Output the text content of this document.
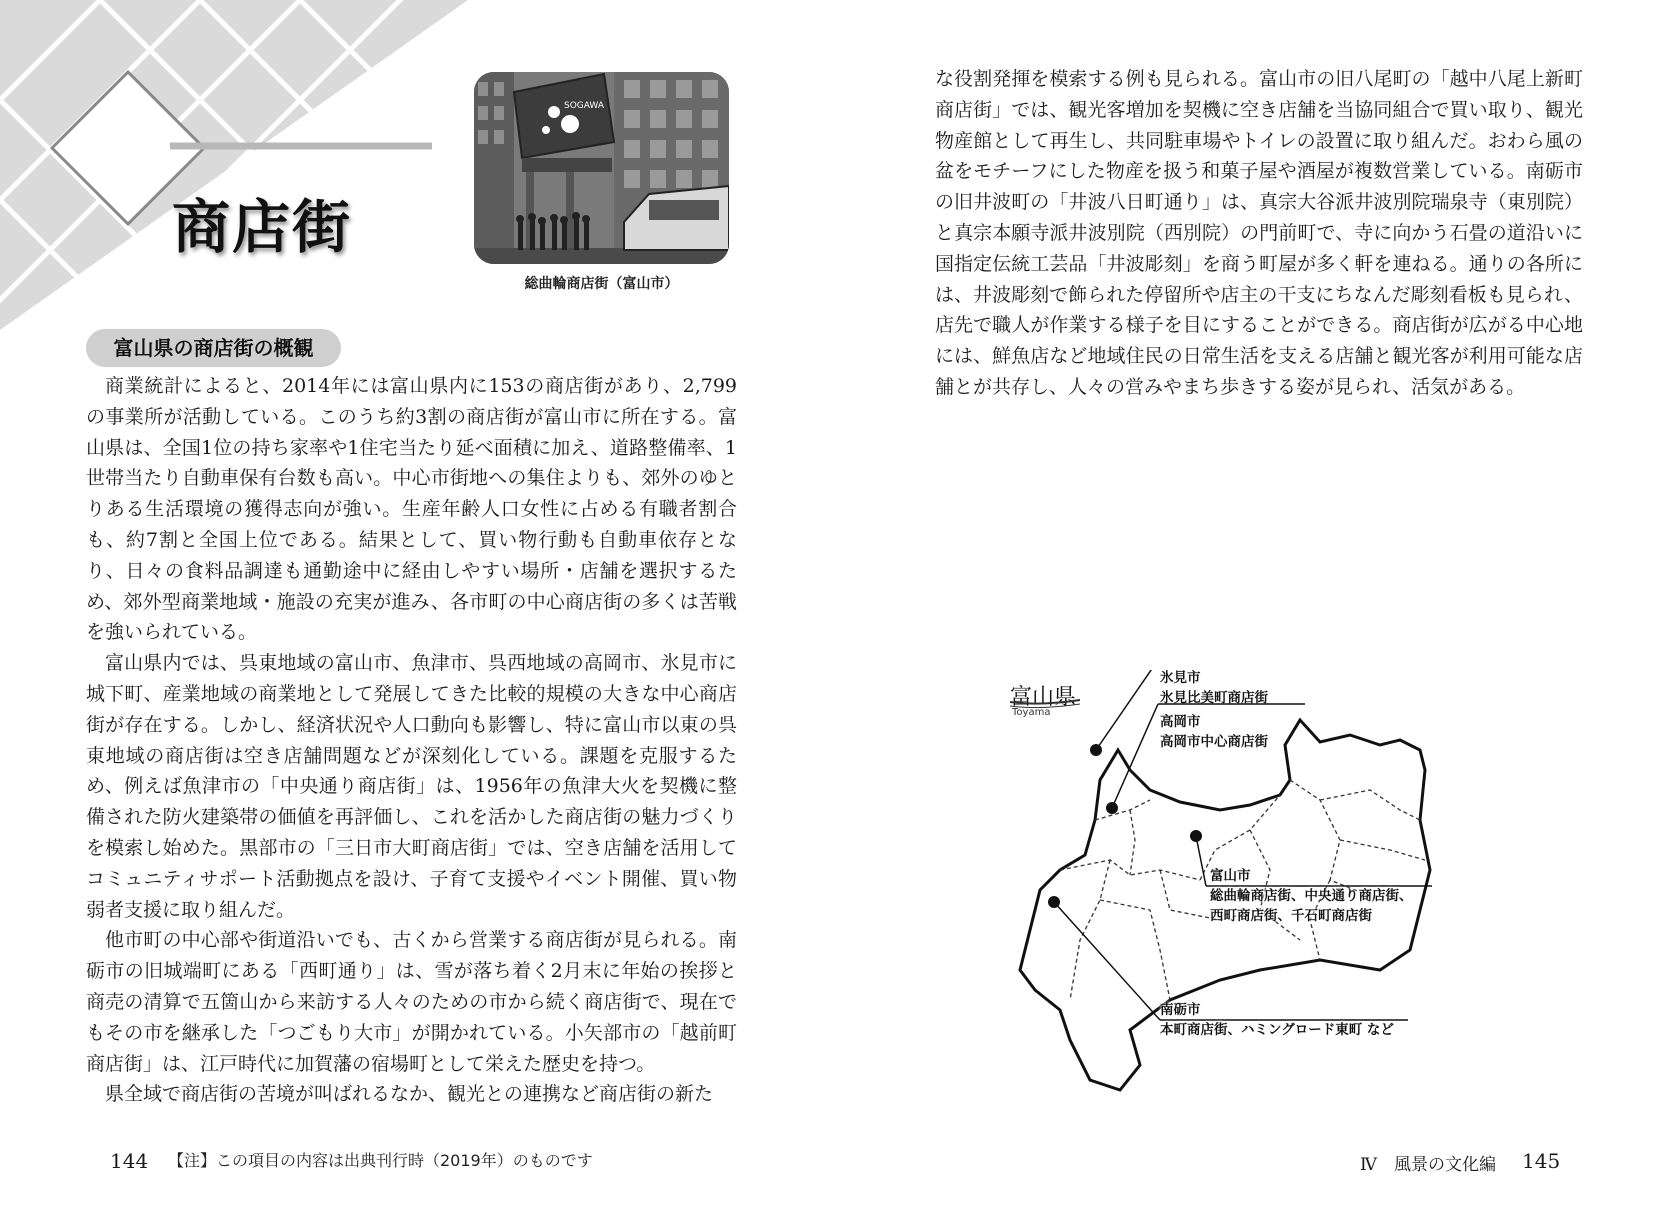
商店街
SOGAWA
総曲輪商店街（富山市）
富山県の商店街の概観

商業統計によると、2014年には富山県内に153の商店街があり、2,799の事業所が活動している。このうち約3割の商店街が富山市に所在する。富山県は、全国1位の持ち家率や1住宅当たり延べ面積に加え、道路整備率、1世帯当たり自動車保有台数も高い。中心市街地への集住よりも、郊外のゆとりある生活環境の獲得志向が強い。生産年齢人口女性に占める有職者割合も、約7割と全国上位である。結果として、買い物行動も自動車依存となり、日々の食料品調達も通勤途中に経由しやすい場所・店舗を選択するため、郊外型商業地域・施設の充実が進み、各市町の中心商店街の多くは苦戦を強いられている。

富山県内では、呉東地域の富山市、魚津市、呉西地域の高岡市、氷見市に城下町、産業地域の商業地として発展してきた比較的規模の大きな中心商店街が存在する。しかし、経済状況や人口動向も影響し、特に富山市以東の呉東地域の商店街は空き店舗問題などが深刻化している。課題を克服するため、例えば魚津市の「中央通り商店街」は、1956年の魚津大火を契機に整備された防火建築帯の価値を再評価し、これを活かした商店街の魅力づくりを模索し始めた。黒部市の「三日市大町商店街」では、空き店舗を活用してコミュニティサポート活動拠点を設け、子育て支援やイベント開催、買い物弱者支援に取り組んだ。

他市町の中心部や街道沿いでも、古くから営業する商店街が見られる。南砺市の旧城端町にある「西町通り」は、雪が落ち着く2月末に年始の挨拶と商売の清算で五箇山から来訪する人々のための市から続く商店街で、現在でもその市を継承した「つごもり大市」が開かれている。小矢部市の「越前町商店街」は、江戸時代に加賀藩の宿場町として栄えた歴史を持つ。

県全域で商店街の苦境が叫ばれるなか、観光との連携など商店街の新た

な役割発揮を模索する例も見られる。富山市の旧八尾町の「越中八尾上新町商店街」では、観光客増加を契機に空き店舗を当協同組合で買い取り、観光物産館として再生し、共同駐車場やトイレの設置に取り組んだ。おわら風の盆をモチーフにした物産を扱う和菓子屋や酒屋が複数営業している。南砺市の旧井波町の「井波八日町通り」は、真宗大谷派井波別院瑞泉寺（東別院）と真宗本願寺派井波別院（西別院）の門前町で、寺に向かう石畳の道沿いに国指定伝統工芸品「井波彫刻」を商う町屋が多く軒を連ねる。通りの各所には、井波彫刻で飾られた停留所や店主の干支にちなんだ彫刻看板も見られ、店先で職人が作業する様子を目にすることができる。商店街が広がる中心地には、鮮魚店など地域住民の日常生活を支える店舗と観光客が利用可能な店舗とが共存し、人々の営みやまち歩きする姿が見られ、活気がある。

富山県
Toyama
氷見市
氷見比美町商店街
高岡市
高岡市中心商店街
富山市
総曲輪商店街、中央通り商店街、
西町商店街、千石町商店街
南砺市
本町商店街、ハミングロード東町 など
144 【注】この項目の内容は出典刊行時（2019年）のものです	Ⅳ　風景の文化編 145
